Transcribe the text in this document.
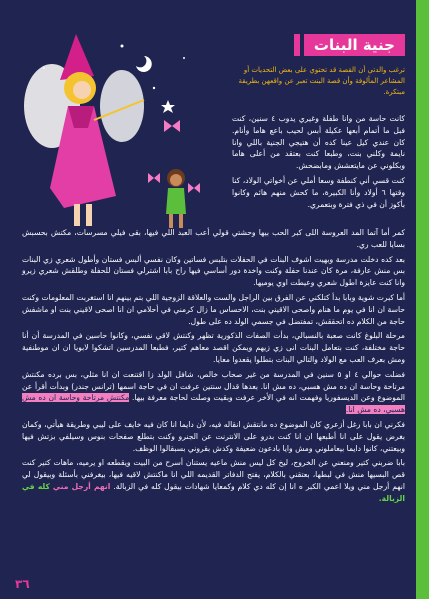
جنية البنات
ترغب والدتي أن القصة قد تحتوي على بعض التحديات أو المشاعر المألوفة وأن قصة البنت تعبر عن واقعهن بطريقة مبتكرة.

كانت حاسة من وانا طفلة وغيري يدوب ٤ سنين، كنت فبل ما أتمام أبعها عكيلة أبس لحيب باعع هاما وأنام. كان عندي كيل عينا كده أن هتيجي الجنية باللي وانا نايمة وكلني بنت، وطبعا كنت بعتقد من أعلى هاما وبكلوني عن مايتعشش ومابضحش.

كنت قسي أني كنطفة وسعا أملي عن أخواتي الولاد، كنا وقتها ٦ أولاد وأنا الكبيرة، ما كحش منهم هائم وكانوا بأكوز أن في ذي فترة وبتعمري.

كمر أما آتما المد العروسة اللى كبر الحب بيها وحشتي قولي أعب العبد اللي فيها، بقى فيلي مسرسات، مكتش بحسبش بسايا للعب ري.

بعد كده دخلت مدرسة وبهيت اشوف البنات في الحفلات بتلبس فساتين وكان نفسي ألبس فستان وأطول شعري زي البنات بس منش عارفة، مرة كان عندنا حفلة وكنت واخدة دور أساسي فيها راح بابا اشترلي فستان للحفلة وطلقش شعري زيرو وانا كنت عايزة اطول شعري وعيطت اوي يوميها.

أما كبرت شوية وبابا بدأ كتلكني عن الفرق بين الراجل والست والعلاقة الزوجية اللي بتم بينهم انا استغربت المعلومات وكنت حاسة ان انا في يوم ما هنام واصحى الاقيني بنت، الاحساس ما زال كرمني في أحلامي ان انا اصحى لاقيني بنت او ماشفش حاجة من الكلام ده اتحققش، تمفتضل في جسمي الولد ده على طول.

مرحلة البلوغ كانت صعبة بالنسبالي، بدأت الصفات الذكورية تظهر وكنتش لاقي نفسي، وكانوا حاسين في المدرسة أن أنا حاجة مختلفة، كنت بتعامل البنات انى زي زيهم ويمكن اقصد معاهم كتير، فطبعا المدرسين اتشكوا لابويا ان ان موطنفية ومش بعرف العب مع الولاد والتالي البنات بتطلوا يقعدوا معايا.

فضلت حوالي ٤ او ٥ سنين في المدرسة من غير صحاب خالص، شافل الولد زا اقتنعت ان انا مثلي، بس برده مكنتش مرتاحة وحاسة ان ده مش هسبي، ده مش انا. بعدها قدال سنتين عرفت ان في حاجة اسمها (ترانس جندر) وبدأت أقرأ عن الموضوع وعن الديسفوريا وفهمت انه في الأخر عرفت وبقيت وصلت لحاجة معرفة بيها. مكنتش مرتاحة وحاسة ان ده مش هسبي، ده مش انا.

فكرني ان بابا رغل أزعري كان الموضوع ده مانتقش انقاله فيه، لأن دايما انا كان فيه خايف على ليبي وطريقة هيأتي، وكمان بغرض يقول على انا أطبعها ان انا كنت بدرو على الانترنت عن الجنرو وكنت بتطلع صفحات بنوس وسيلفي بزتش فيها وبيعتني، كانوا دايما بيعاملوني ومش وايا بادعون ضعيفة وكدش بقروني بسبقالوا الوظف.

بابا ضربني كتير ومنعني عن الخروج، ليخ كل ليس منش ماعيه يستنان أسرح من البيت ويقطعه او يرميه، ماهات كتير كنت قص البسيها منش في لبطها، بعتقني بالكلام، يفتح الدفاتر القديمه اللي انا ماكنتش لاقيه فيها، بيغرفني بأسئلة وبيقول لي انهم أرجل مني ويلا اعمي الكبر ه انا إن كله دي كلام وكمعايا شهادات بيقول كله في الزبالة. انهم أرجل مني كله في الزبالة.

٣٦
